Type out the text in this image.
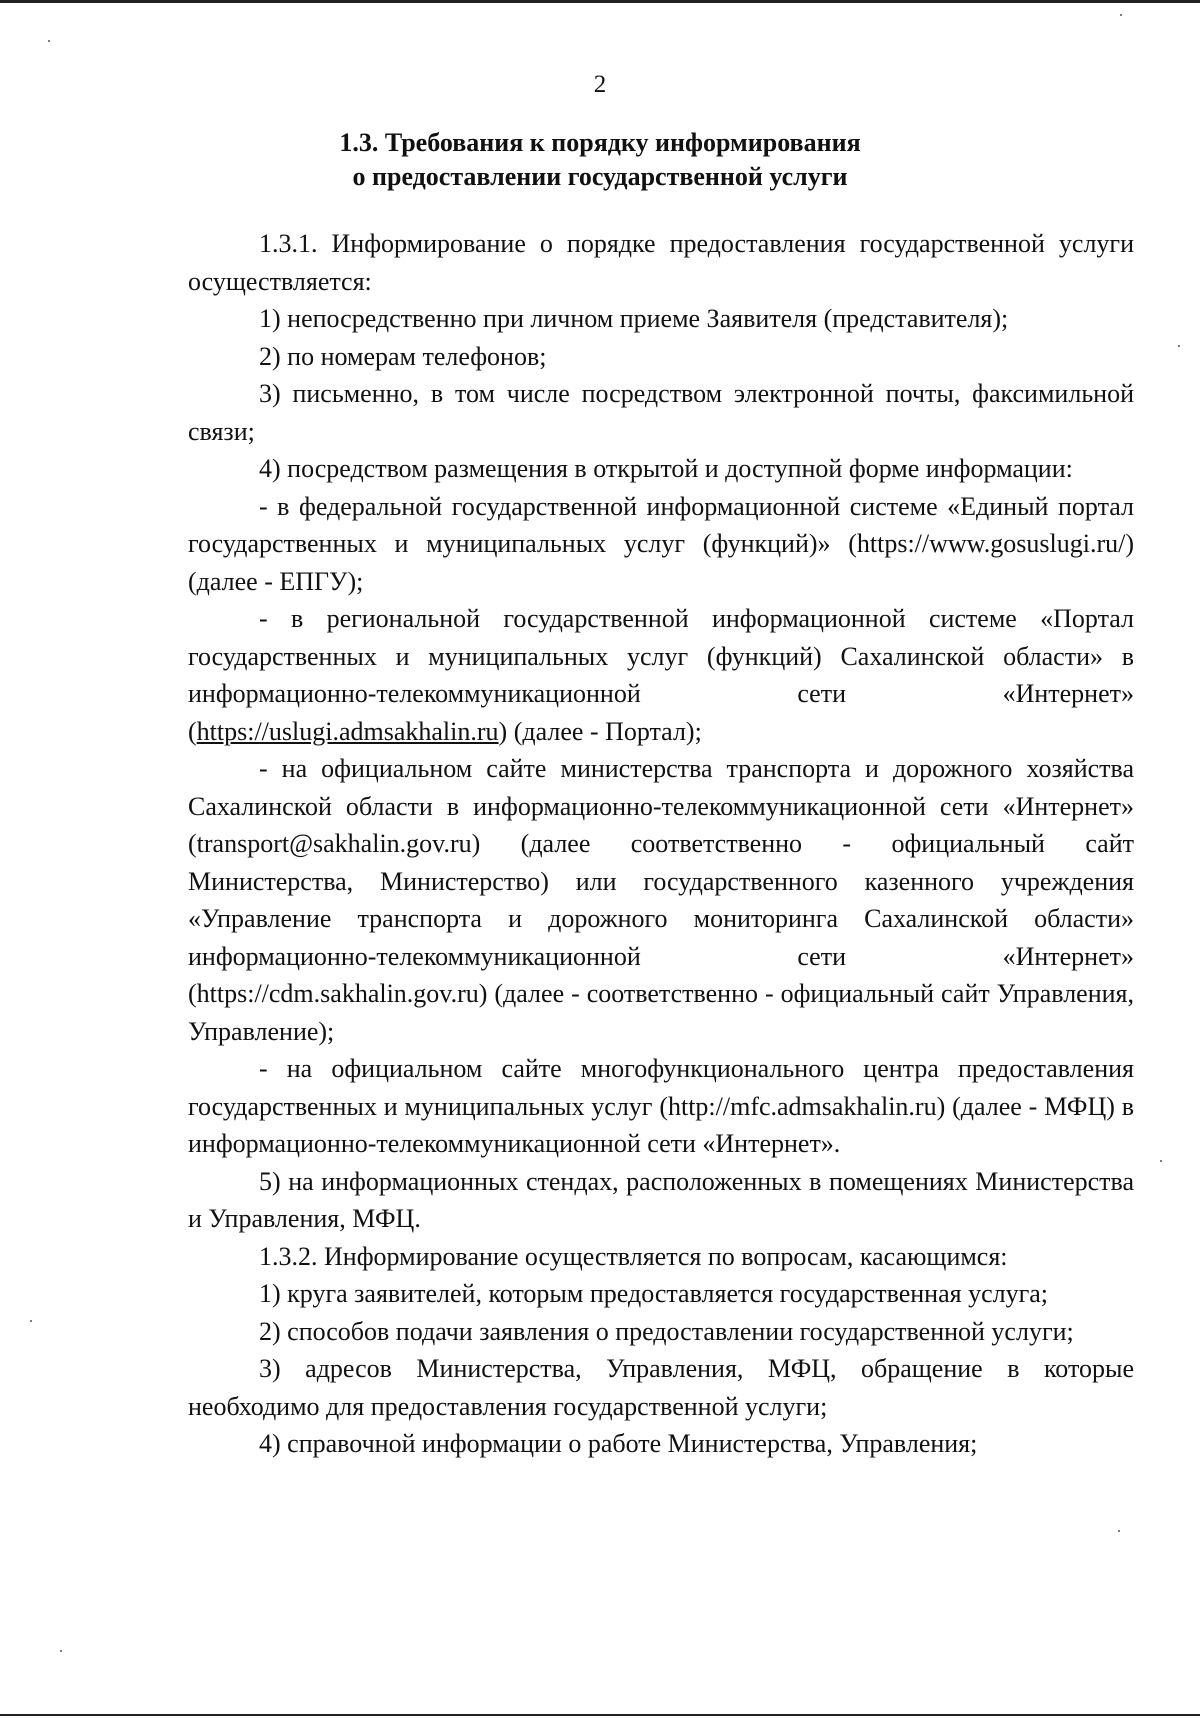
2
1.3. Требования к порядку информирования
о предоставлении государственной услуги

1.3.1. Информирование о порядке предоставления государственной услуги осуществляется:

1) непосредственно при личном приеме Заявителя (представителя);

2) по номерам телефонов;

3) письменно, в том числе посредством электронной почты, факсимильной связи;

4) посредством размещения в открытой и доступной форме информации:

- в федеральной государственной информационной системе «Единый портал государственных и муниципальных услуг (функций)» (https://www.gosuslugi.ru/) (далее - ЕПГУ);

- в региональной государственной информационной системе «Портал государственных и муниципальных услуг (функций) Сахалинской области» в информационно-телекоммуникационной сети «Интернет» (https://uslugi.admsakhalin.ru) (далее - Портал);

- на официальном сайте министерства транспорта и дорожного хозяйства Сахалинской области в информационно-телекоммуникационной сети «Интернет» (transport@sakhalin.gov.ru) (далее соответственно - официальный сайт Министерства, Министерство) или государственного казенного учреждения «Управление транспорта и дорожного мониторинга Сахалинской области» информационно-телекоммуникационной сети «Интернет» (https://cdm.sakhalin.gov.ru) (далее - соответственно - официальный сайт Управления, Управление);

- на официальном сайте многофункционального центра предоставления государственных и муниципальных услуг (http://mfc.admsakhalin.ru) (далее - МФЦ) в информационно-телекоммуникационной сети «Интернет».

5) на информационных стендах, расположенных в помещениях Министерства и Управления, МФЦ.

1.3.2. Информирование осуществляется по вопросам, касающимся:

1) круга заявителей, которым предоставляется государственная услуга;

2) способов подачи заявления о предоставлении государственной услуги;

3) адресов Министерства, Управления, МФЦ, обращение в которые необходимо для предоставления государственной услуги;

4) справочной информации о работе Министерства, Управления;
